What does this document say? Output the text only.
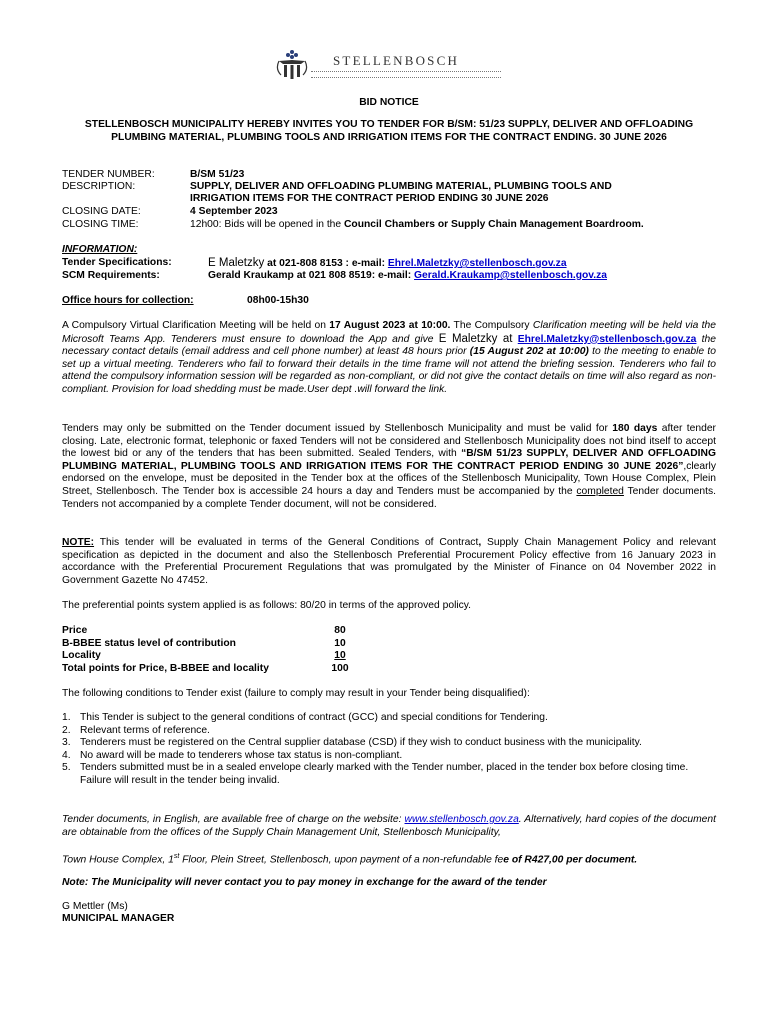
STELLENBOSCH
BID NOTICE
STELLENBOSCH MUNICIPALITY HEREBY INVITES YOU TO TENDER FOR B/SM: 51/23 SUPPLY, DELIVER AND OFFLOADING PLUMBING MATERIAL, PLUMBING TOOLS AND IRRIGATION ITEMS FOR THE CONTRACT ENDING. 30 JUNE 2026
TENDER NUMBER:	B/SM 51/23
DESCRIPTION:	SUPPLY, DELIVER AND OFFLOADING PLUMBING MATERIAL, PLUMBING TOOLS AND
IRRIGATION ITEMS FOR THE CONTRACT PERIOD ENDING 30 JUNE 2026
CLOSING DATE:	4 September 2023
CLOSING TIME:	12h00: Bids will be opened in the Council Chambers or Supply Chain Management Boardroom.
INFORMATION:
Tender Specifications:	E Maletzky at 021-808 8153 : e-mail: Ehrel.Maletzky@stellenbosch.gov.za
SCM Requirements:	Gerald Kraukamp at 021 808 8519: e-mail: Gerald.Kraukamp@stellenbosch.gov.za
Office hours for collection:	08h00-15h30
A Compulsory Virtual Clarification Meeting will be held on 17 August 2023 at 10:00. The Compulsory Clarification meeting will be held via the Microsoft Teams App. Tenderers must ensure to download the App and give E Maletzky at Ehrel.Maletzky@stellenbosch.gov.za the necessary contact details (email address and cell phone number) at least 48 hours prior (15 August 202 at 10:00) to the meeting to enable to set up a virtual meeting. Tenderers who fail to forward their details in the time frame will not attend the briefing session. Tenderers who fail to attend the compulsory information session will be regarded as non-compliant, or did not give the contact details on time will also regard as non-compliant. Provision for load shedding must be made.User dept .will forward the link.
Tenders may only be submitted on the Tender document issued by Stellenbosch Municipality and must be valid for 180 days after tender closing. Late, electronic format, telephonic or faxed Tenders will not be considered and Stellenbosch Municipality does not bind itself to accept the lowest bid or any of the tenders that has been submitted. Sealed Tenders, with “B/SM 51/23 SUPPLY, DELIVER AND OFFLOADING PLUMBING MATERIAL, PLUMBING TOOLS AND IRRIGATION ITEMS FOR THE CONTRACT PERIOD ENDING 30 JUNE 2026”,clearly endorsed on the envelope, must be deposited in the Tender box at the offices of the Stellenbosch Municipality, Town House Complex, Plein Street, Stellenbosch. The Tender box is accessible 24 hours a day and Tenders must be accompanied by the completed Tender documents. Tenders not accompanied by a complete Tender document, will not be considered.
NOTE: This tender will be evaluated in terms of the General Conditions of Contract, Supply Chain Management Policy and relevant specification as depicted in the document and also the Stellenbosch Preferential Procurement Policy effective from 16 January 2023 in accordance with the Preferential Procurement Regulations that was promulgated by the Minister of Finance on 04 November 2022 in Government Gazette No 47452.
The preferential points system applied is as follows: 80/20 in terms of the approved policy.
Price	80
B-BBEE status level of contribution	10
Locality	10
Total points for Price, B-BBEE and locality	100
The following conditions to Tender exist (failure to comply may result in your Tender being disqualified):
1. This Tender is subject to the general conditions of contract (GCC) and special conditions for Tendering.
2. Relevant terms of reference.
3. Tenderers must be registered on the Central supplier database (CSD) if they wish to conduct business with the municipality.
4. No award will be made to tenderers whose tax status is non-compliant.
5. Tenders submitted must be in a sealed envelope clearly marked with the Tender number, placed in the tender box before closing time. Failure will result in the tender being invalid.
Tender documents, in English, are available free of charge on the website: www.stellenbosch.gov.za. Alternatively, hard copies of the document are obtainable from the offices of the Supply Chain Management Unit, Stellenbosch Municipality,
Town House Complex, 1st Floor, Plein Street, Stellenbosch, upon payment of a non-refundable fee of R427,00 per document.
Note: The Municipality will never contact you to pay money in exchange for the award of the tender
G Mettler (Ms)
MUNICIPAL MANAGER
